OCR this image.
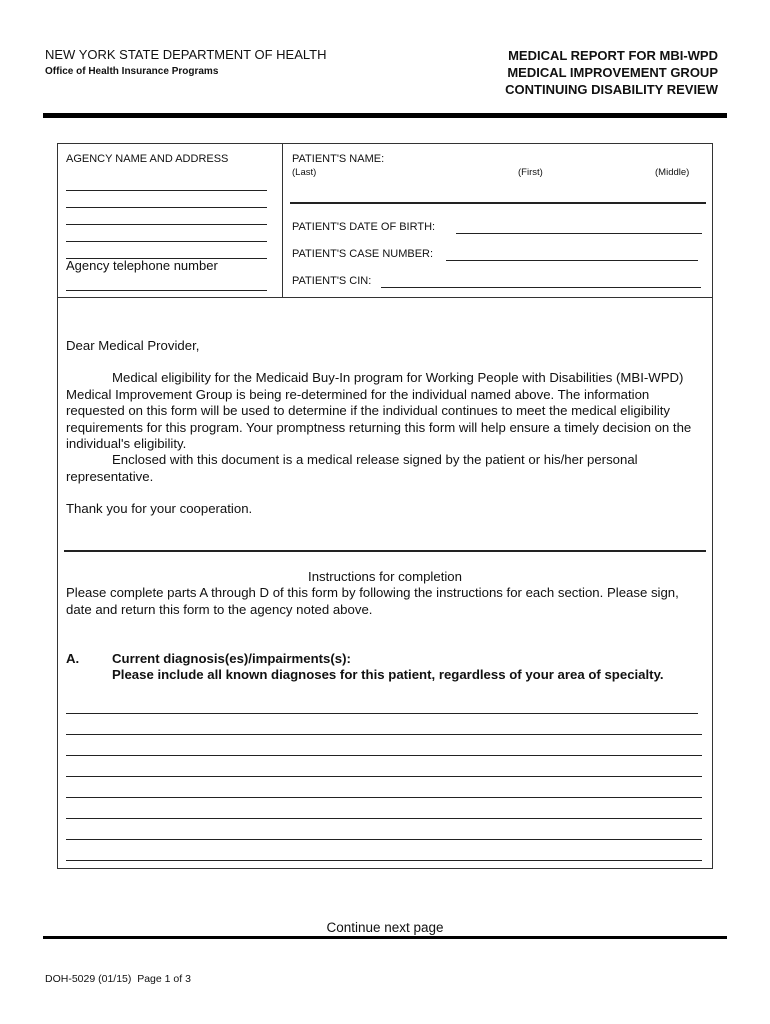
NEW YORK STATE DEPARTMENT OF HEALTH
Office of Health Insurance Programs
MEDICAL REPORT FOR MBI-WPD
MEDICAL IMPROVEMENT GROUP
CONTINUING DISABILITY REVIEW
AGENCY NAME AND ADDRESS
Agency telephone number
PATIENT'S NAME:
(Last)	(First)	(Middle)
PATIENT'S DATE OF BIRTH:
PATIENT'S CASE NUMBER:
PATIENT'S CIN:
Dear Medical Provider,
Medical eligibility for the Medicaid Buy-In program for Working People with Disabilities (MBI-WPD) Medical Improvement Group is being re-determined for the individual named above. The information requested on this form will be used to determine if the individual continues to meet the medical eligibility requirements for this program. Your promptness returning this form will help ensure a timely decision on the individual's eligibility.
Enclosed with this document is a medical release signed by the patient or his/her personal representative.
Thank you for your cooperation.
Instructions for completion
Please complete parts A through D of this form by following the instructions for each section. Please sign, date and return this form to the agency noted above.
A. Current diagnosis(es)/impairments(s):
Please include all known diagnoses for this patient, regardless of your area of specialty.
Continue next page
DOH-5029 (01/15)  Page 1 of 3
